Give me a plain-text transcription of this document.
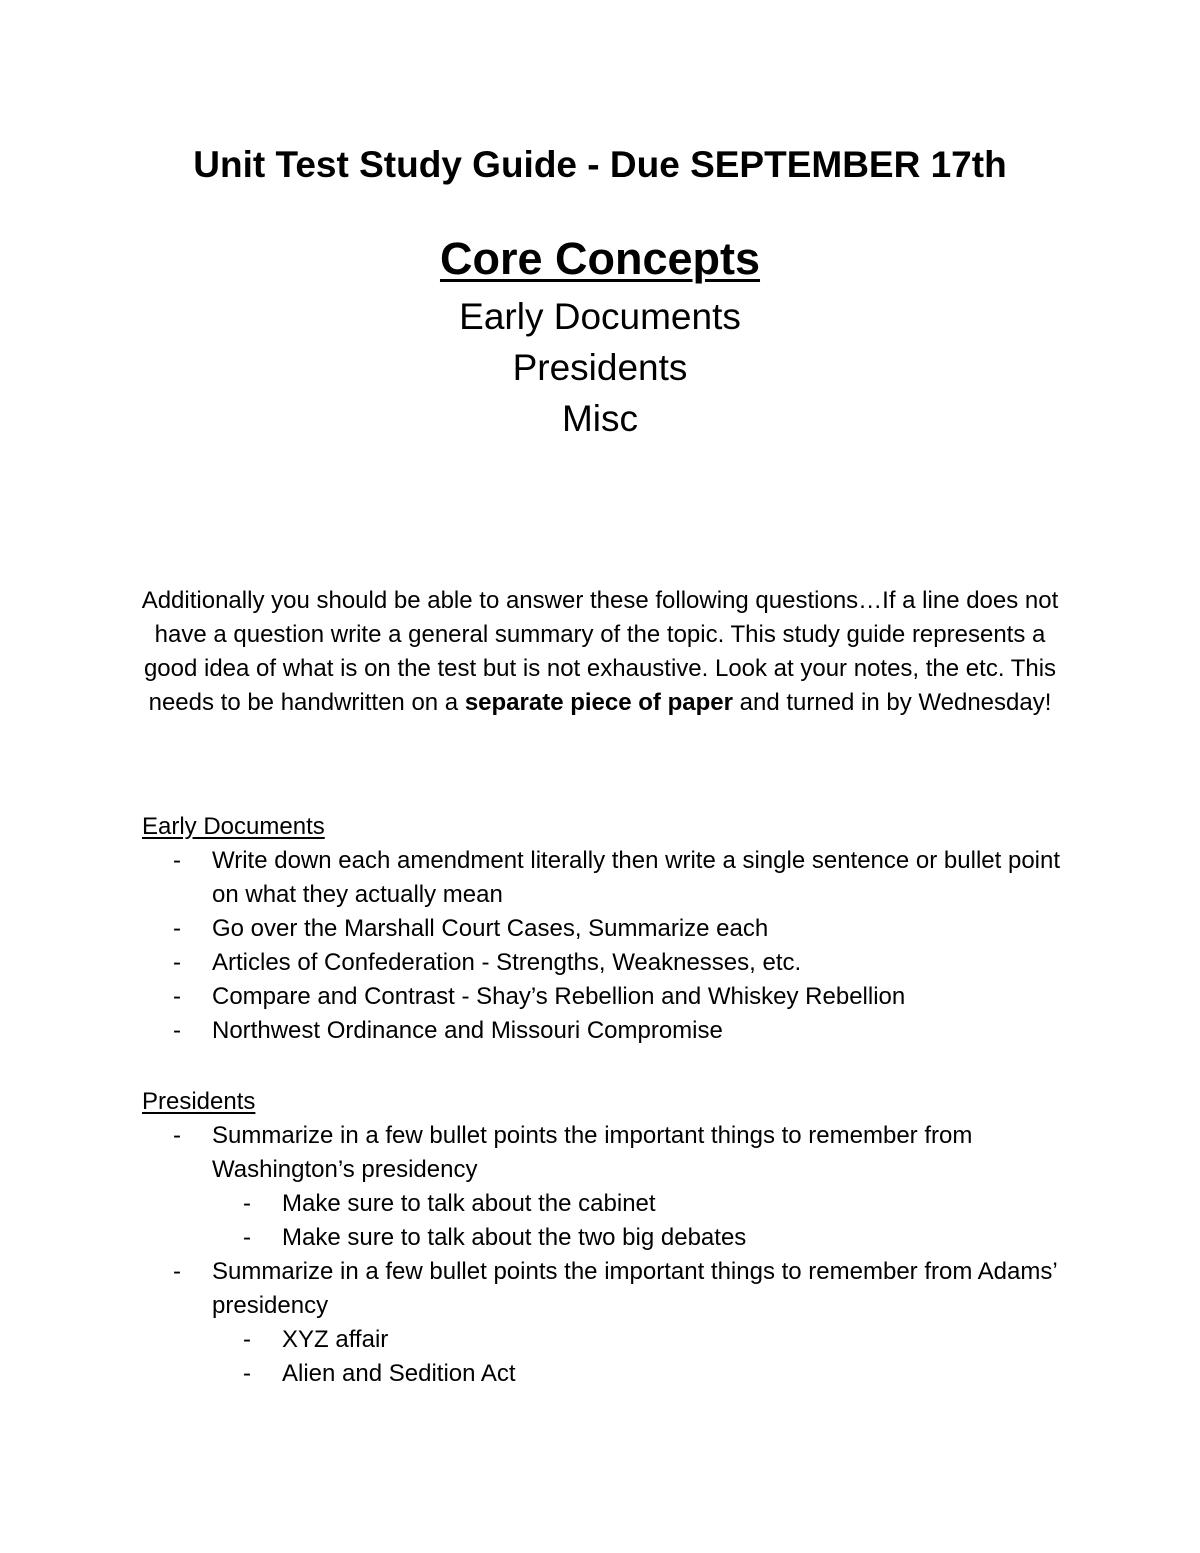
Unit Test Study Guide - Due SEPTEMBER 17th
Core Concepts
Early Documents
Presidents
Misc
Additionally you should be able to answer these following questions…If a line does not have a question write a general summary of the topic. This study guide represents a good idea of what is on the test but is not exhaustive. Look at your notes, the etc. This needs to be handwritten on a separate piece of paper and turned in by Wednesday!
Early Documents
- Write down each amendment literally then write a single sentence or bullet point on what they actually mean
- Go over the Marshall Court Cases, Summarize each
- Articles of Confederation - Strengths, Weaknesses, etc.
- Compare and Contrast - Shay’s Rebellion and Whiskey Rebellion
- Northwest Ordinance and Missouri Compromise
Presidents
- Summarize in a few bullet points the important things to remember from Washington’s presidency
- Make sure to talk about the cabinet
- Make sure to talk about the two big debates
- Summarize in a few bullet points the important things to remember from Adams’ presidency
- XYZ affair
- Alien and Sedition Act
